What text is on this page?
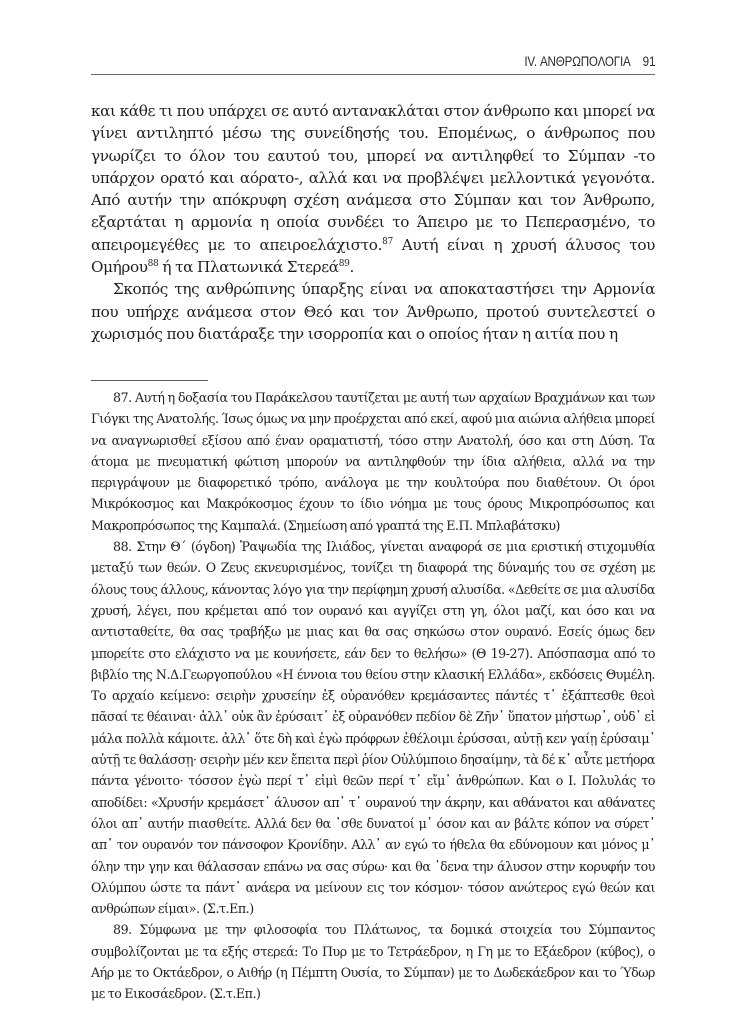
IV. ΑΝΘΡΩΠΟΛΟΓΙΑ 91

και κάθε τι που υπάρχει σε αυτό αντανακλάται στον άνθρωπο και μπορεί να γίνει αντιληπτό μέσω της συνείδησής του. Επομένως, ο άνθρωπος που γνωρίζει το όλον του εαυτού του, μπορεί να αντιληφθεί το Σύμπαν -το υπάρχον ορατό και αόρατο-, αλλά και να προβλέψει μελλοντικά γεγονότα. Από αυτήν την απόκρυφη σχέση ανάμεσα στο Σύμπαν και τον Άνθρωπο, εξαρτάται η αρμονία η οποία συνδέει το Άπειρο με το Πεπερασμένο, το απειρομεγέθες με το απειροελάχιστο.$^{87}$ Αυτή είναι η χρυσή άλυσος του Ομήρου$^{88}$ ή τα Πλατωνικά Στερεά$^{89}$.

Σκοπός της ανθρώπινης ύπαρξης είναι να αποκαταστήσει την Αρμονία που υπήρχε ανάμεσα στον Θεό και τον Άνθρωπο, προτού συντελεστεί ο χωρισμός που διατάραξε την ισορροπία και ο οποίος ήταν η αιτία που η

87. Αυτή η δοξασία του Παράκελσου ταυτίζεται με αυτή των αρχαίων Βραχμάνων και των Γιόγκι της Ανατολής. Ίσως όμως να μην προέρχεται από εκεί, αφού μια αιώνια αλήθεια μπορεί να αναγνωρισθεί εξίσου από έναν οραματιστή, τόσο στην Ανατολή, όσο και στη Δύση. Τα άτομα με πνευματική φώτιση μπορούν να αντιληφθούν την ίδια αλήθεια, αλλά να την περιγράψουν με διαφορετικό τρόπο, ανάλογα με την κουλτούρα που διαθέτουν. Οι όροι Μικρόκοσμος και Μακρόκοσμος έχουν το ίδιο νόημα με τους όρους Μικροπρόσωπος και Μακροπρόσωπος της Καμπαλά. (Σημείωση από γραπτά της Ε.Π. Μπλαβάτσκυ)

88. Στην Θ΄ (όγδοη) Ῥαψωδία της Ιλιάδος, γίνεται αναφορά σε μια εριστική στιχομυθία μεταξύ των θεών. Ο Ζευς εκνευρισμένος, τονίζει τη διαφορά της δύναμής του σε σχέση με όλους τους άλλους, κάνοντας λόγο για την περίφημη χρυσή αλυσίδα. «Δεθείτε σε μια αλυσίδα χρυσή, λέγει, που κρέμεται από τον ουρανό και αγγίζει στη γη, όλοι μαζί, και όσο και να αντισταθείτε, θα σας τραβήξω με μιας και θα σας σηκώσω στον ουρανό. Εσείς όμως δεν μπορείτε στο ελάχιστο να με κουνήσετε, εάν δεν το θελήσω» (Θ 19-27). Απόσπασμα από το βιβλίο της Ν.Δ.Γεωργοπούλου «Η έννοια του θείου στην κλασική Ελλάδα», εκδόσεις Θυμέλη. Το αρχαίο κείμενο: σειρὴν χρυσείην ἐξ οὐρανόθεν κρεμάσαντες πάντές τ᾽ ἐξάπτεσθε θεοὶ πᾶσαί τε θέαιναι· ἀλλ᾽ οὐκ ἂν ἐρύσαιτ᾽ ἐξ οὐρανόθεν πεδίον δὲ Ζῆν᾽ ὕπατον μήστωρ᾽, οὐδ᾽ εἰ μάλα πολλὰ κάμοιτε. ἀλλ᾽ ὅτε δὴ καὶ ἐγὼ πρόφρων ἐθέλοιμι ἐρύσσαι, αὐτῇ κεν γαίῃ ἐρύσαιμ᾽ αὐτῇ τε θαλάσσῃ· σειρὴν μέν κεν ἔπειτα περὶ ῥίον Οὐλύμποιο δησαίμην, τὰ δέ κ᾽ αὖτε μετήορα πάντα γένοιτο· τόσσον ἐγὼ περί τ᾽ εἰμὶ θεῶν περί τ᾽ εἴμ᾽ ἀνθρώπων. Και ο Ι. Πολυλάς το αποδίδει: «Χρυσήν κρεμάσετ᾽ άλυσον απ᾽ τ᾽ ουρανού την άκρην, και αθάνατοι και αθάνατες όλοι απ᾽ αυτήν πιασθείτε. Αλλά δεν θα ᾽σθε δυνατοί μ᾽ όσον και αν βάλτε κόπον να σύρετ᾽ απ᾽ τον ουρανόν τον πάνσοφον Κρονίδην. Αλλ᾽ αν εγώ το ήθελα θα εδύνομουν και μόνος μ᾽ όλην την γην και θάλασσαν επάνω να σας σύρω· και θα ᾽δενα την άλυσον στην κορυφήν του Ολύμπου ώστε τα πάντ᾽ ανάερα να μείνουν εις τον κόσμον· τόσον ανώτερος εγώ θεών και ανθρώπων είμαι». (Σ.τ.Επ.)

89. Σύμφωνα με την φιλοσοφία του Πλάτωνος, τα δομικά στοιχεία του Σύμπαντος συμβολίζονται με τα εξής στερεά: Το Πυρ με το Τετράεδρον, η Γη με το Εξάεδρον (κύβος), ο Αήρ με το Οκτάεδρον, ο Αιθήρ (η Πέμπτη Ουσία, το Σύμπαν) με το Δωδεκάεδρον και το Ύδωρ με το Εικοσάεδρον. (Σ.τ.Επ.)
